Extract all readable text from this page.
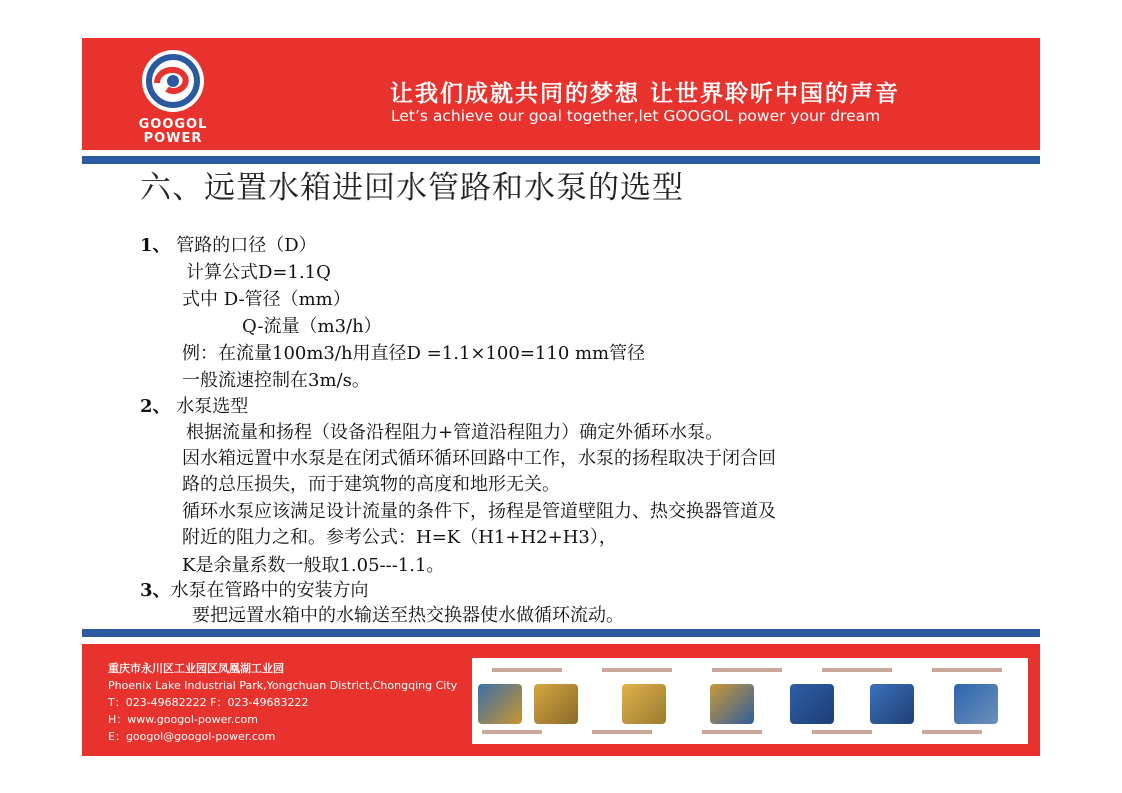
GOOGOL
POWER
让我们成就共同的梦想 让世界聆听中国的声音
Let’s achieve our goal together,let GOOGOL power your dream
六、远置水箱进回水管路和水泵的选型
1、 管路的口径（D）
计算公式D=1.1Q
式中 D-管径（mm）
Q-流量（m3/h）
例：在流量100m3/h用直径D =1.1×100=110 mm管径
一般流速控制在3m/s。
2、 水泵选型
根据流量和扬程（设备沿程阻力+管道沿程阻力）确定外循环水泵。
因水箱远置中水泵是在闭式循环循环回路中工作，水泵的扬程取决于闭合回
路的总压损失，而于建筑物的高度和地形无关。
循环水泵应该满足设计流量的条件下，扬程是管道壁阻力、热交换器管道及
附近的阻力之和。参考公式：H=K（H1+H2+H3），
K是余量系数一般取1.05---1.1。
3、水泵在管路中的安装方向
要把远置水箱中的水输送至热交换器使水做循环流动。
重庆市永川区工业园区凤凰湖工业园
Phoenix Lake Industrial Park,Yongchuan District,Chongqing City
T：023-49682222 F：023-49683222
H：www.googol-power.com
E：googol@googol-power.com
